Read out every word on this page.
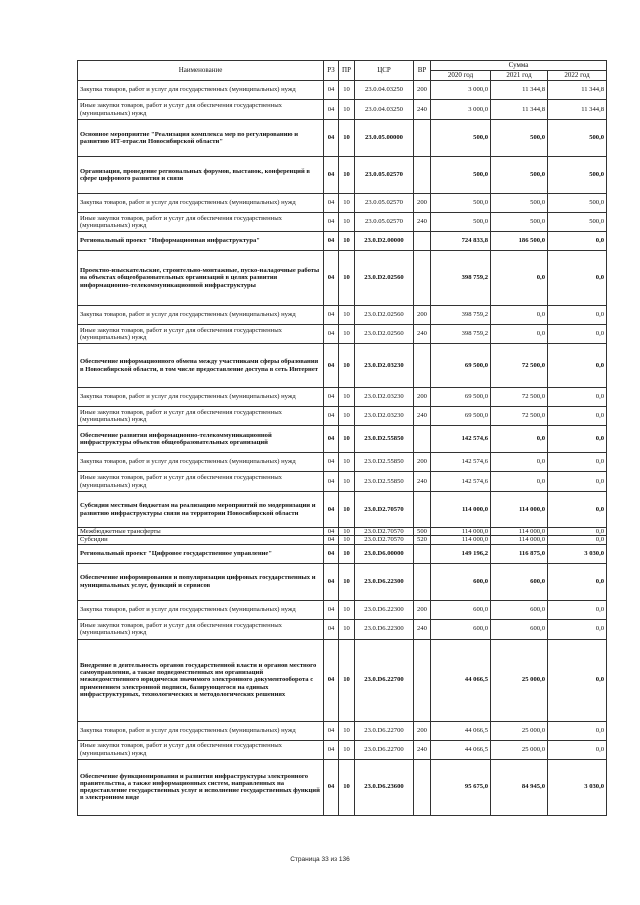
Наименование	РЗ	ПР	ЦСР	ВР	Сумма		
					2020 год	2021 год	2022 год
Закупка товаров, работ и услуг для государственных (муниципальных) нужд	04	10	23.0.04.03250	200	3 000,0	11 344,8	11 344,8
Иные закупки товаров, работ и услуг для обеспечения государственных (муниципальных) нужд	04	10	23.0.04.03250	240	3 000,0	11 344,8	11 344,8
Основное мероприятие "Реализация комплекса мер по регулированию и развитию ИТ-отрасли Новосибирской области"	04	10	23.0.05.00000		500,0	500,0	500,0
Организация, проведение региональных форумов, выставок, конференций в сфере цифрового развития и связи	04	10	23.0.05.02570		500,0	500,0	500,0
Закупка товаров, работ и услуг для государственных (муниципальных) нужд	04	10	23.0.05.02570	200	500,0	500,0	500,0
Иные закупки товаров, работ и услуг для обеспечения государственных (муниципальных) нужд	04	10	23.0.05.02570	240	500,0	500,0	500,0
Региональный проект "Информационная инфраструктура"	04	10	23.0.D2.00000		724 833,8	186 500,0	0,0
Проектно-изыскательские, строительно-монтажные, пуско-наладочные работы на объектах общеобразовательных организаций в целях развития информационно-телекоммуникационной инфраструктуры	04	10	23.0.D2.02560		398 759,2	0,0	0,0
Закупка товаров, работ и услуг для государственных (муниципальных) нужд	04	10	23.0.D2.02560	200	398 759,2	0,0	0,0
Иные закупки товаров, работ и услуг для обеспечения государственных (муниципальных) нужд	04	10	23.0.D2.02560	240	398 759,2	0,0	0,0
Обеспечение информационного обмена между участниками сферы образования в Новосибирской области, в том числе предоставление доступа в сеть Интернет	04	10	23.0.D2.03230		69 500,0	72 500,0	0,0
Закупка товаров, работ и услуг для государственных (муниципальных) нужд	04	10	23.0.D2.03230	200	69 500,0	72 500,0	0,0
Иные закупки товаров, работ и услуг для обеспечения государственных (муниципальных) нужд	04	10	23.0.D2.03230	240	69 500,0	72 500,0	0,0
Обеспечение развития информационно-телекоммуникационной инфраструктуры объектов общеобразовательных организаций	04	10	23.0.D2.55850		142 574,6	0,0	0,0
Закупка товаров, работ и услуг для государственных (муниципальных) нужд	04	10	23.0.D2.55850	200	142 574,6	0,0	0,0
Иные закупки товаров, работ и услуг для обеспечения государственных (муниципальных) нужд	04	10	23.0.D2.55850	240	142 574,6	0,0	0,0
Субсидии местным бюджетам на реализацию мероприятий по модернизации и развитию инфраструктуры связи на территории Новосибирской области	04	10	23.0.D2.70570		114 000,0	114 000,0	0,0
Межбюджетные трансферты	04	10	23.0.D2.70570	500	114 000,0	114 000,0	0,0
Субсидии	04	10	23.0.D2.70570	520	114 000,0	114 000,0	0,0
Региональный проект "Цифровое государственное управление"	04	10	23.0.D6.00000		149 196,2	116 875,0	3 030,0
Обеспечение информирования и популяризации цифровых государственных и муниципальных услуг, функций и сервисов	04	10	23.0.D6.22300		600,0	600,0	0,0
Закупка товаров, работ и услуг для государственных (муниципальных) нужд	04	10	23.0.D6.22300	200	600,0	600,0	0,0
Иные закупки товаров, работ и услуг для обеспечения государственных (муниципальных) нужд	04	10	23.0.D6.22300	240	600,0	600,0	0,0
Внедрение в деятельность органов государственной власти и органов местного самоуправления, а также подведомственных им организаций межведомственного юридически значимого электронного документооборота с применением электронной подписи, базирующегося на единых инфраструктурных, технологических и методологических решениях	04	10	23.0.D6.22700		44 066,5	25 000,0	0,0
Закупка товаров, работ и услуг для государственных (муниципальных) нужд	04	10	23.0.D6.22700	200	44 066,5	25 000,0	0,0
Иные закупки товаров, работ и услуг для обеспечения государственных (муниципальных) нужд	04	10	23.0.D6.22700	240	44 066,5	25 000,0	0,0
Обеспечение функционирования и развития инфраструктуры электронного правительства, а также информационных систем, направленных на предоставление государственных услуг и исполнение государственных функций в электронном виде	04	10	23.0.D6.23600		95 675,0	84 945,0	3 030,0
Страница 33 из 136
